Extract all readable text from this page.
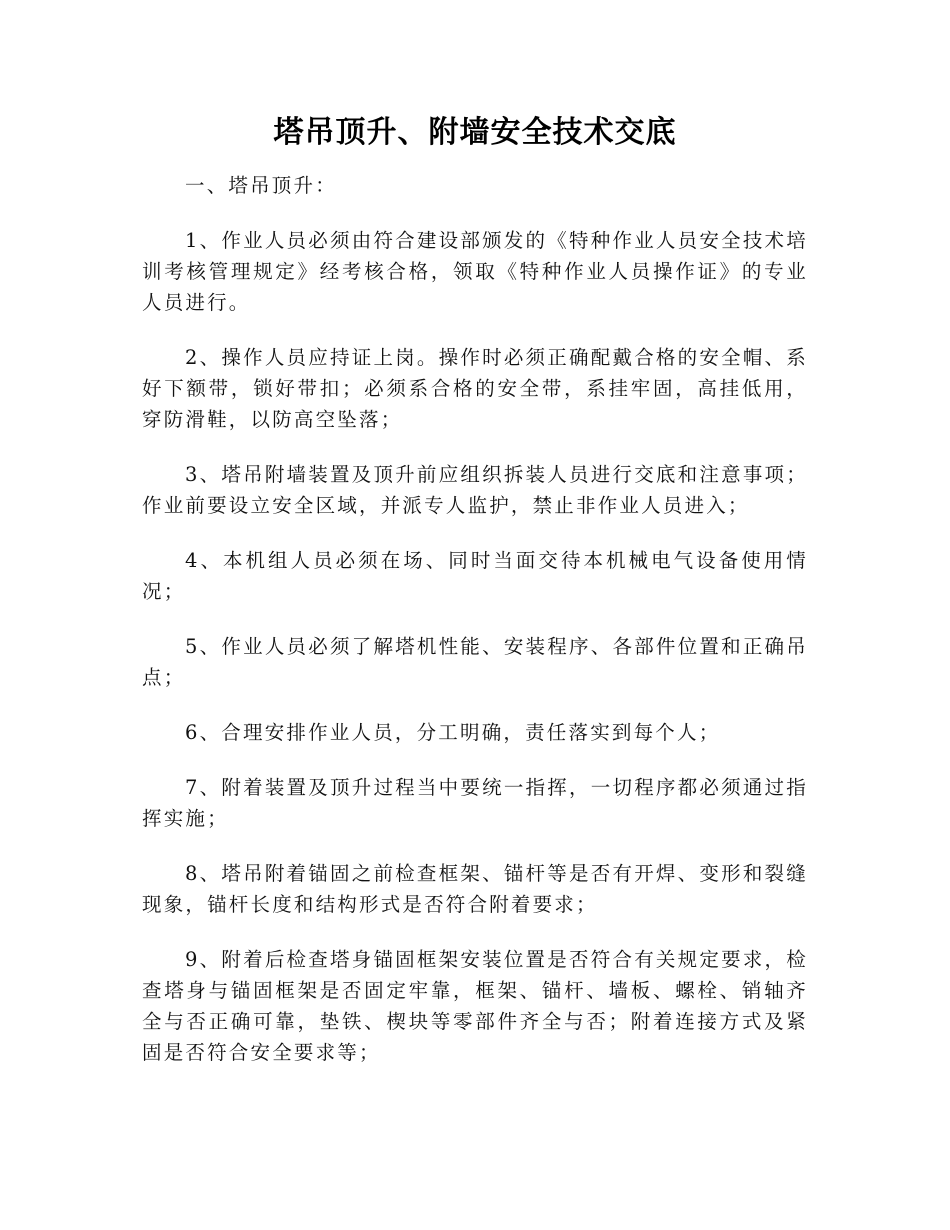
塔吊顶升、附墙安全技术交底

一、塔吊顶升：

1、作业人员必须由符合建设部颁发的《特种作业人员安全技术培训考核管理规定》经考核合格，领取《特种作业人员操作证》的专业人员进行。

2、操作人员应持证上岗。操作时必须正确配戴合格的安全帽、系好下额带，锁好带扣；必须系合格的安全带，系挂牢固，高挂低用，穿防滑鞋，以防高空坠落；

3、塔吊附墙装置及顶升前应组织拆装人员进行交底和注意事项；作业前要设立安全区域，并派专人监护，禁止非作业人员进入；

4、本机组人员必须在场、同时当面交待本机械电气设备使用情况；

5、作业人员必须了解塔机性能、安装程序、各部件位置和正确吊点；

6、合理安排作业人员，分工明确，责任落实到每个人；

7、附着装置及顶升过程当中要统一指挥，一切程序都必须通过指挥实施；

8、塔吊附着锚固之前检查框架、锚杆等是否有开焊、变形和裂缝现象，锚杆长度和结构形式是否符合附着要求；

9、附着后检查塔身锚固框架安装位置是否符合有关规定要求，检查塔身与锚固框架是否固定牢靠，框架、锚杆、墙板、螺栓、销轴齐全与否正确可靠，垫铁、楔块等零部件齐全与否；附着连接方式及紧固是否符合安全要求等；
